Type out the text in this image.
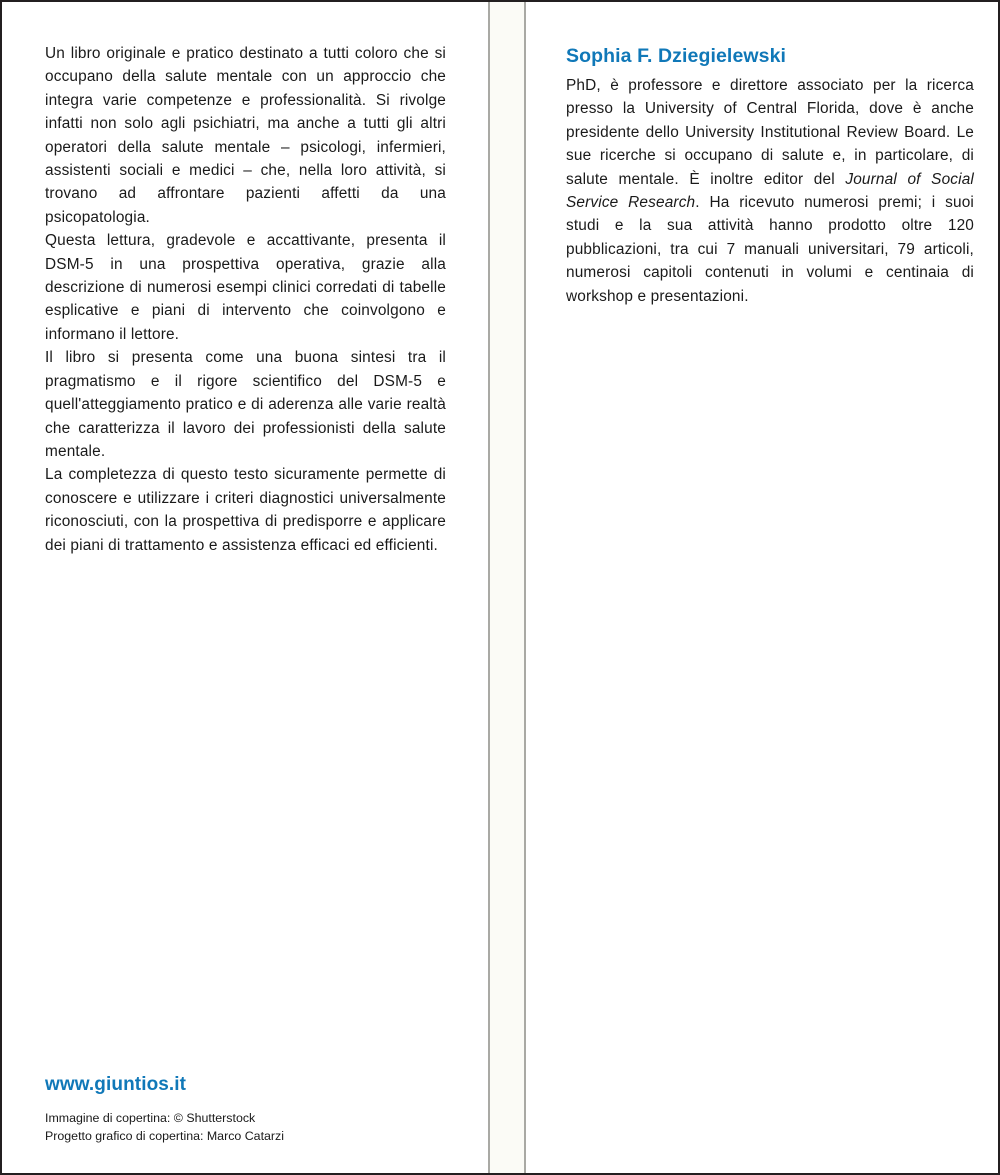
Un libro originale e pratico destinato a tutti coloro che si occupano della salute mentale con un approccio che integra varie competenze e professionalità. Si rivolge infatti non solo agli psichiatri, ma anche a tutti gli altri operatori della salute mentale – psicologi, infermieri, assistenti sociali e medici – che, nella loro attività, si trovano ad affrontare pazienti affetti da una psicopatologia.

Questa lettura, gradevole e accattivante, presenta il DSM-5 in una prospettiva operativa, grazie alla descrizione di numerosi esempi clinici corredati di tabelle esplicative e piani di intervento che coinvolgono e informano il lettore.

Il libro si presenta come una buona sintesi tra il pragmatismo e il rigore scientifico del DSM-5 e quell'atteggiamento pratico e di aderenza alle varie realtà che caratterizza il lavoro dei professionisti della salute mentale.

La completezza di questo testo sicuramente permette di conoscere e utilizzare i criteri diagnostici universalmente riconosciuti, con la prospettiva di predisporre e applicare dei piani di trattamento e assistenza efficaci ed efficienti.

www.giuntios.it
Immagine di copertina: © Shutterstock
Progetto grafico di copertina: Marco Catarzi
Sophia F. Dziegielewski

PhD, è professore e direttore associato per la ricerca presso la University of Central Florida, dove è anche presidente dello University Institutional Review Board. Le sue ricerche si occupano di salute e, in particolare, di salute mentale. È inoltre editor del Journal of Social Service Research. Ha ricevuto numerosi premi; i suoi studi e la sua attività hanno prodotto oltre 120 pubblicazioni, tra cui 7 manuali universitari, 79 articoli, numerosi capitoli contenuti in volumi e centinaia di workshop e presentazioni.
